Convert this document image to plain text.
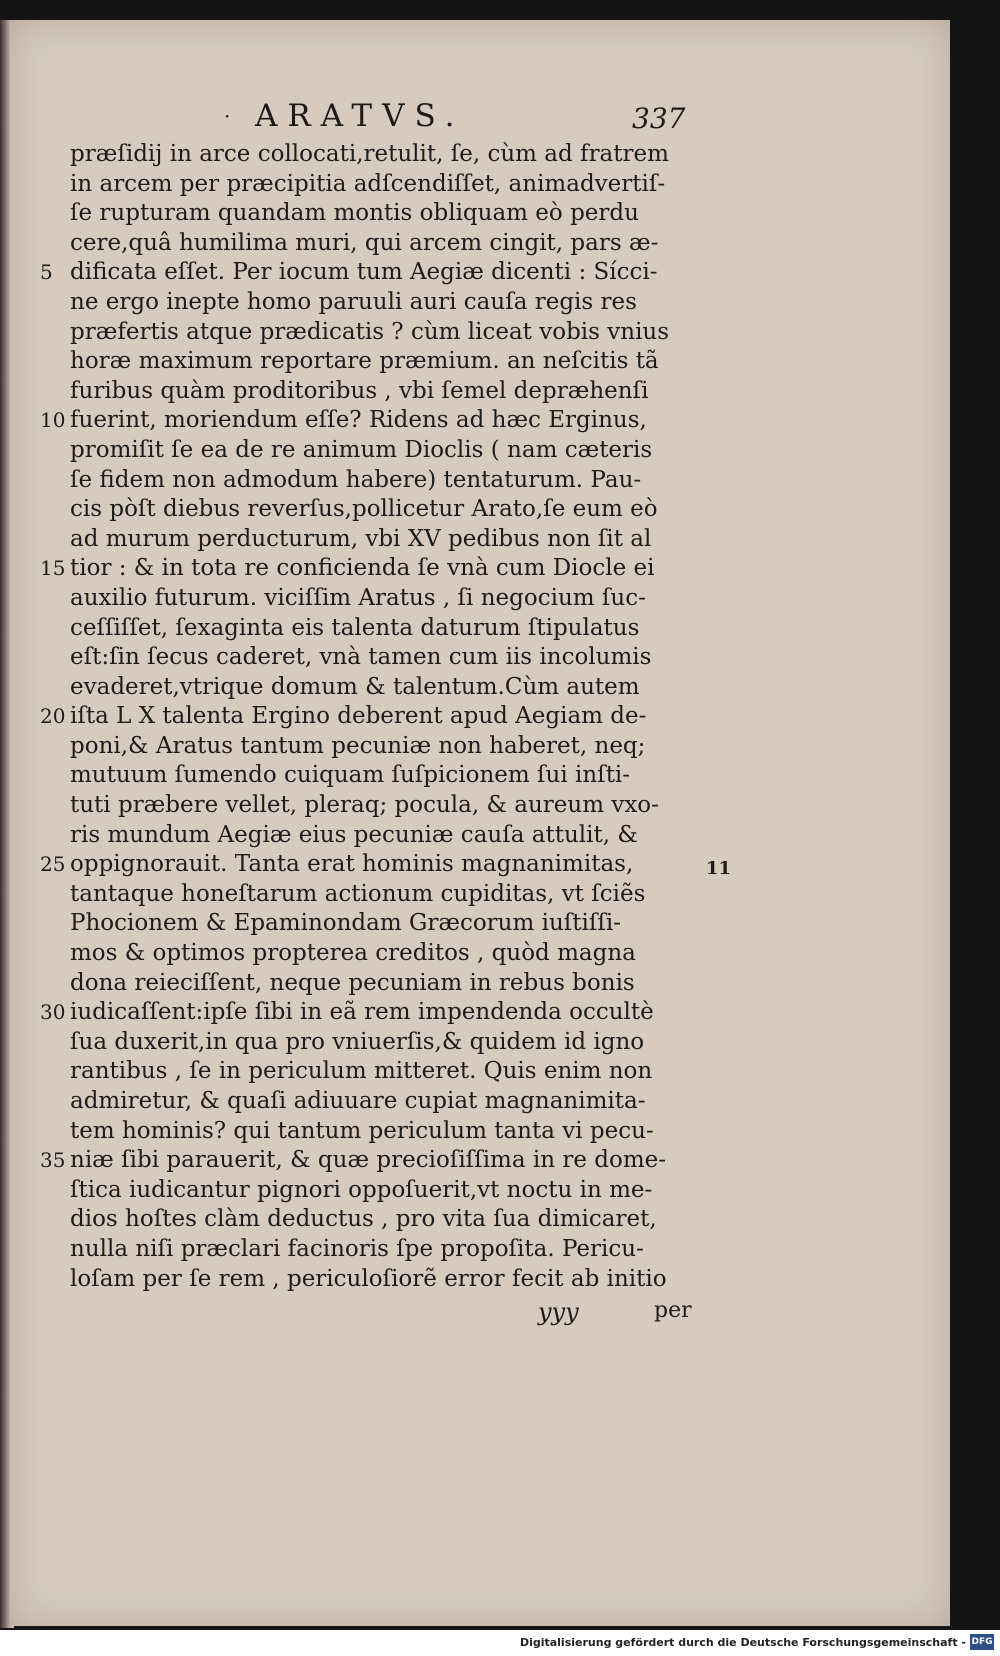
· ARATVS.	337
5
10
15
20
25
30
35
præſidij in arce collocati,retulit, ſe, cùm ad fratrem
in arcem per præcipitia adſcendiſſet, animadvertiſ-
ſe rupturam quandam montis obliquam eò perdu
cere,quâ humilima muri, qui arcem cingit, pars æ-
dificata eſſet. Per iocum tum Aegiæ dicenti : Sícci-
ne ergo inepte homo paruuli auri cauſa regis res
præfertis atque prædicatis ? cùm liceat vobis vnius
horæ maximum reportare præmium. an neſcitis tã
furibus quàm proditoribus , vbi ſemel depræhenſi
fuerint, moriendum eſſe? Ridens ad hæc Erginus,
promiſit ſe ea de re animum Dioclis ( nam cæteris
ſe fidem non admodum habere) tentaturum. Pau-
cis pòſt diebus reverſus,pollicetur Arato,ſe eum eò
ad murum perducturum, vbi XV pedibus non ſit al
tior : & in tota re conficienda ſe vnà cum Diocle ei
auxilio futurum. viciſſim Aratus , ſi negocium ſuc-
ceſſiſſet, ſexaginta eis talenta daturum ſtipulatus
eſt:ſin ſecus caderet, vnà tamen cum iis incolumis
evaderet,vtrique domum & talentum.Cùm autem
iſta L X talenta Ergino deberent apud Aegiam de-
poni,& Aratus tantum pecuniæ non haberet, neq;
mutuum ſumendo cuiquam ſuſpicionem ſui inſti-
tuti præbere vellet, pleraq; pocula, & aureum vxo-
ris mundum Aegiæ eius pecuniæ cauſa attulit, &
oppignorauit. Tanta erat hominis magnanimitas,
tantaque honeſtarum actionum cupiditas, vt ſciẽs
Phocionem & Epaminondam Græcorum iuſtiſſi-
mos & optimos propterea creditos , quòd magna
dona reieciſſent, neque pecuniam in rebus bonis
iudicaſſent:ipſe ſibi in eã rem impendenda occultè
ſua duxerit,in qua pro vniuerſis,& quidem id igno
rantibus , ſe in periculum mitteret. Quis enim non
admiretur, & quaſi adiuuare cupiat magnanimita-
tem hominis? qui tantum periculum tanta vi pecu-
niæ ſibi parauerit, & quæ precioſiſſima in re dome-
ſtica iudicantur pignori oppoſuerit,vt noctu in me-
dios hoſtes clàm deductus , pro vita ſua dimicaret,
nulla niſi præclari facinoris ſpe propoſita. Pericu-
loſam per ſe rem , periculoſiorẽ error fecit ab initio
11
yyy	per
Digitalisierung gefördert durch die Deutsche Forschungsgemeinschaft - DFG
